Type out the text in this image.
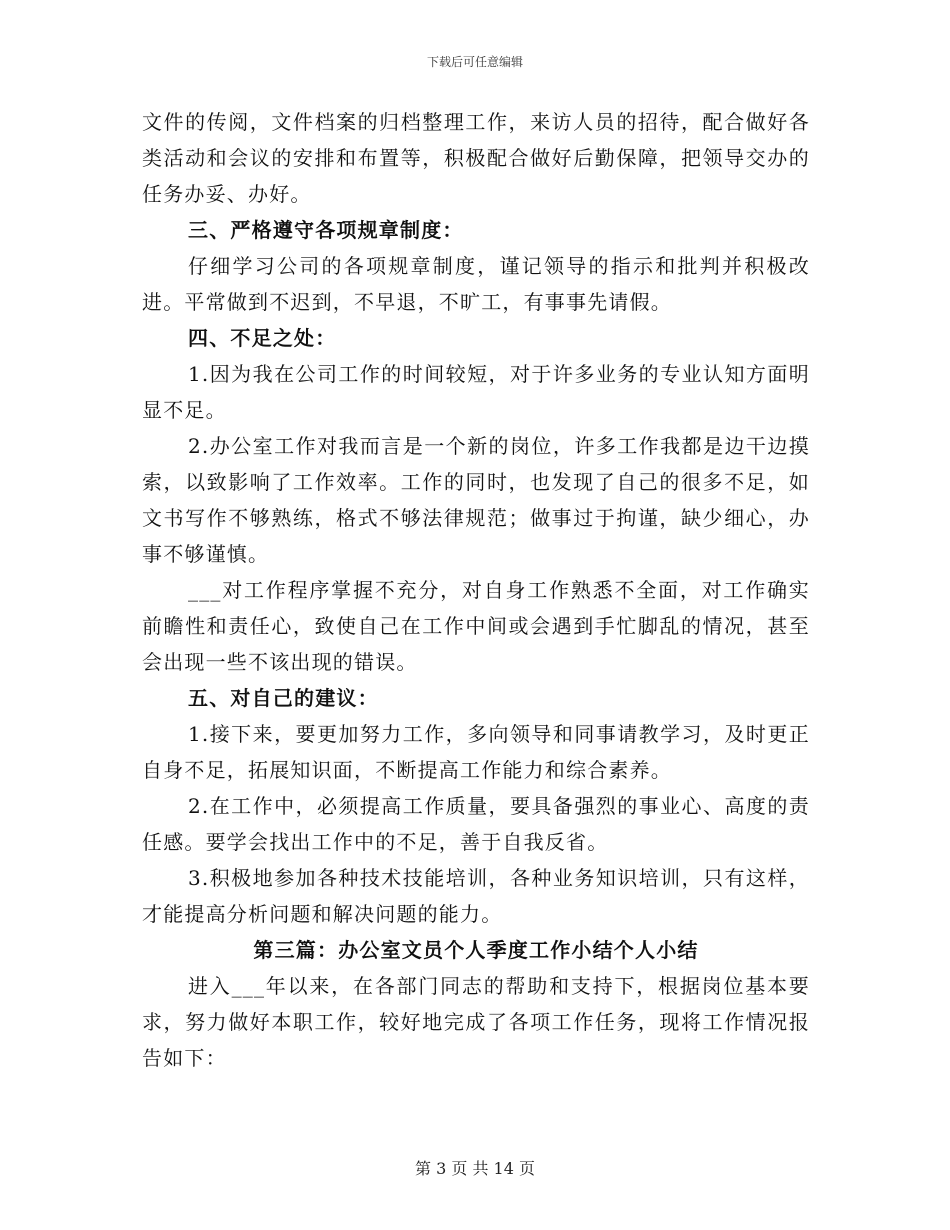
下载后可任意编辑

文件的传阅，文件档案的归档整理工作，来访人员的招待，配合做好各类活动和会议的安排和布置等，积极配合做好后勤保障，把领导交办的任务办妥、办好。

三、严格遵守各项规章制度：

仔细学习公司的各项规章制度，谨记领导的指示和批判并积极改进。平常做到不迟到，不早退，不旷工，有事事先请假。

四、不足之处：

1.因为我在公司工作的时间较短，对于许多业务的专业认知方面明显不足。

2.办公室工作对我而言是一个新的岗位，许多工作我都是边干边摸索，以致影响了工作效率。工作的同时，也发现了自己的很多不足，如文书写作不够熟练，格式不够法律规范；做事过于拘谨，缺少细心，办事不够谨慎。

___对工作程序掌握不充分，对自身工作熟悉不全面，对工作确实前瞻性和责任心，致使自己在工作中间或会遇到手忙脚乱的情况，甚至会出现一些不该出现的错误。

五、对自己的建议：

1.接下来，要更加努力工作，多向领导和同事请教学习，及时更正自身不足，拓展知识面，不断提高工作能力和综合素养。

2.在工作中，必须提高工作质量，要具备强烈的事业心、高度的责任感。要学会找出工作中的不足，善于自我反省。

3.积极地参加各种技术技能培训，各种业务知识培训，只有这样，才能提高分析问题和解决问题的能力。

第三篇：办公室文员个人季度工作小结个人小结

进入___年以来，在各部门同志的帮助和支持下，根据岗位基本要求，努力做好本职工作，较好地完成了各项工作任务，现将工作情况报告如下：

第 3 页 共 14 页
